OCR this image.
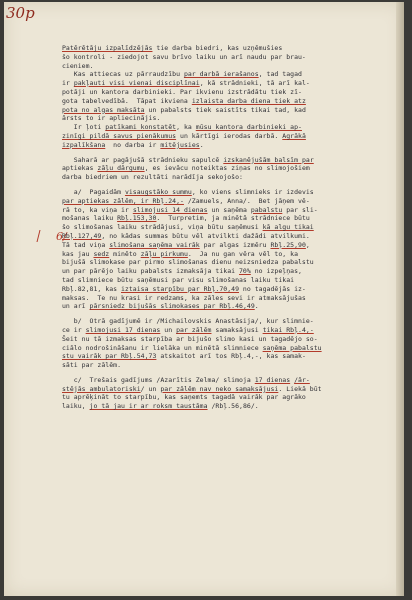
30p
6/
Patērētāju izpalīdzējās tie darba biedri, kas uzņēmušies
šo kontroli - ziedojot savu brīvo laiku un arī naudu par brau-
cieniem.
Kas attiecas uz pārraudzību par darbā ierašanos, tad tagad
ir pakļauti visi vienai disciplīnai, kā strādnieki, tā arī kal-
potāji un kantora darbinieki. Par ikvienu izstrādātu tiek zī-
gota tabelvedībā.  Tāpat ikviena izlaista darba diena tiek atz
pota no algas maksāta un pabalsts tiek saistīts tikai tad, kad
ārsts to ir apliecinājis.
Ir ļoti patīkami konstatēt, ka mūsu kantora darbinieki ap-
zinīgi pildā savus pienākumus un kārtīgi ierodas darbā. Agrākā
izpalīkšana  no darba ir mitējusies.
Saharā ar pagājušā strādnieku sapulcē izskanējušām balsīm par
aptiekas zāļu dārgumu, es ievācu noteiktas ziņas no slimojošiem
darba biedriem un rezultāti narādīja sekojošo:
a/  Pagaidām visaugstāko summu, ko viens slimnieks ir izdevis
par aptiekas zālēm, ir Rbļ.24,- /Zamuels, Anna/.  Bet jāņem vē-
rā to, ka viņa ir slimojusi 14 dienas un saņēma pabalstu par sli-
mošanas laiku Rbļ.153,30.  Turpretim, ja minētā strādniece būtu
šo slimošanas laiku strādājusi, viņa būtu saņēmusi kā algu tikai
Rbļ.127,49, no kādas summas būtu vēl atvilkti dažādi atvilkumi.
Tā tad viņa slimošana saņēma vairāk par algas izmēru Rbļ.25,90,
kas jau sedz minēto zāļu pirkumu.  Ja nu gan vēra vēl to, ka
bijušā slimokase par pirmo slimošanas dienu neizsniedza pabalstu
un par pārējo laiku pabalsts izmaksāja tikai 70% no izpeļņas,
tad slimniece būtu saņēmusi par visu slimošanas laiku tikai
Rbļ.82,81, kas iztaisa starpību par Rbļ.70,49 no tagadējās iz-
maksas.  Te nu krasi ir redzams, ka zāles sevi ir atmaksājušas
un arī pārsniedz bijušās slimokases par Rbļ.46,49.
b/  Otrā gadījumē ir /Michailovskis Anastāsija/, kur slimnie-
ce ir slimojusi 17 dienas un par zālēm samaksājusi tikai Rbļ.4,-
Šeit nu tā izmaksas starpība ar bijušo slimo kasi un tagadējo so-
ciālo nodrošināšanu ir lielāka un minētā slimniece saņēma pabalstu
stu vairāk par Rbļ.54,73 atskaitot arī tos Rbļ.4,-, kas samak-
sāti par zālēm.
c/  Trešais gadījums /Azarītis Zelma/ slimoja 17 dienas /ār-
stējās ambulatoriski/ un par zālēm nav neko samaksājusi. Liekā būt
tu aprēķināt to starpību, kas saņemts tagadā vairāk par agrāko
laiku, jo tā jau ir ar roksm taustāma /Rbļ.56,86/.
